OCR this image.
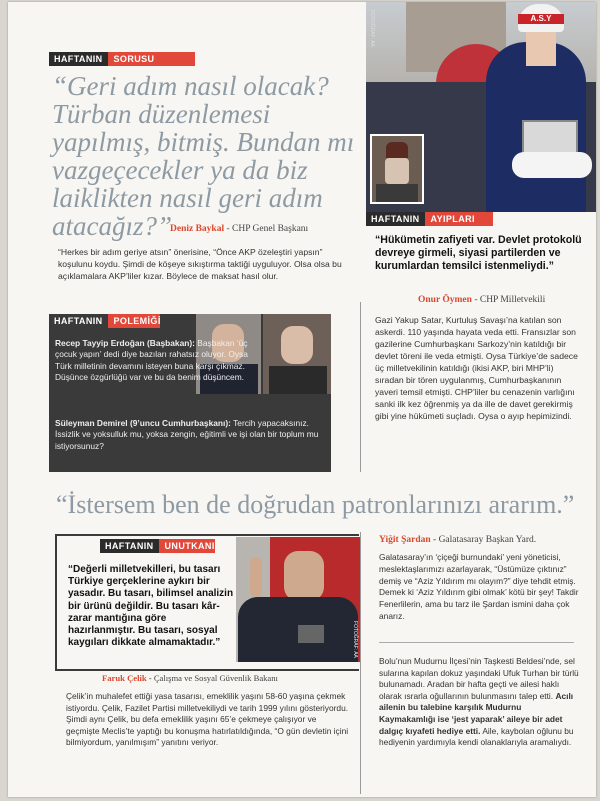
HAFTANIN	SORUSU
“Geri adım nasıl olacak? Türban düzenlemesi yapılmış, bitmiş. Bundan mı vazgeçecekler ya da biz laiklikten nasıl geri adım atacağız?”
Deniz Baykal - CHP Genel Başkanı
“Herkes bir adım geriye atsın” önerisine, “Önce AKP özeleştiri yapsın” koşulunu koydu. Şimdi de köşeye sıkıştırma taktiği uyguluyor. Olsa olsa bu açıklamalara AKP’liler kızar. Böylece de maksat hasıl olur.
A.S.Y
FOTOĞRAF: AA
HAFTANIN	AYIPLARI
“Hükümetin zafiyeti var. Devlet protokolü devreye girmeli, siyasi partilerden ve kurumlardan temsilci istenmeliydi.”
Onur Öymen - CHP Milletvekili
Gazi Yakup Satar, Kurtuluş Savaşı’na katılan son askerdi. 110 yaşında hayata veda etti. Fransızlar son gazilerine Cumhurbaşkanı Sarkozy’nin katıldığı bir devlet töreni ile veda etmişti. Oysa Türkiye’de sadece üç milletvekilinin katıldığı (ikisi AKP, biri MHP’li) sıradan bir tören uygulanmış, Cumhurbaşkanının yaveri temsil etmişti. CHP’liler bu cenazenin varlığını sanki ilk kez öğrenmiş ya da ille de davet gerekirmiş gibi yine hükümeti suçladı. Oysa o ayıp hepimizindi.
HAFTANIN	POLEMİĞİ
Recep Tayyip Erdoğan (Başbakan): Başbakan ‘üç çocuk yapın’ dedi diye bazıları rahatsız oluyor. Oysa Türk milletinin devamını isteyen buna karşı çıkmaz. Düşünce özgürlüğü var ve bu da benim düşüncem.
Süleyman Demirel (9’uncu Cumhurbaşkanı): Tercih yapacaksınız. İssizlik ve yoksulluk mu, yoksa zengin, eğitimli ve işi olan bir toplum mu istiyorsunuz?
“İstersem ben de doğrudan patronlarınızı ararım.”
HAFTANIN	UNUTKANI
FOTOĞRAF: AA
“Değerli milletvekilleri, bu tasarı Türkiye gerçeklerine aykırı bir yasadır. Bu tasarı, bilimsel analizin bir ürünü değildir. Bu tasarı kâr-zarar mantığına göre hazırlanmıştır. Bu tasarı, sosyal kaygıları dikkate almamaktadır.”
Faruk Çelik - Çalışma ve Sosyal Güvenlik Bakanı
Çelik’in muhalefet ettiği yasa tasarısı, emeklilik yaşını 58-60 yaşına çekmek istiyordu. Çelik, Fazilet Partisi milletvekiliydi ve tarih 1999 yılını gösteriyordu. Şimdi aynı Çelik, bu defa emeklilik yaşını 65’e çekmeye çalışıyor ve geçmişte Meclis’te yaptığı bu konuşma hatırlatıldığında, “O gün devletin içini bilmiyordum, yanılmışım” yanıtını veriyor.
Yiğit Şardan - Galatasaray Başkan Yard.
Galatasaray’ın ‘çiçeği burnundaki’ yeni yöneticisi, meslektaşlarımızı azarlayarak, “Üstümüze çıktınız” demiş ve “Aziz Yıldırım mı olayım?” diye tehdit etmiş. Demek ki ‘Aziz Yıldırım gibi olmak’ kötü bir şey! Takdir Fenerlilerin, ama bu tarz ile Şardan ismini daha çok anarız.
Bolu’nun Mudurnu İlçesi’nin Taşkesti Beldesi’nde, sel sularına kapılan dokuz yaşındaki Ufuk Turhan bir türlü bulunamadı. Aradan bir hafta geçti ve ailesi haklı olarak ısrarla oğullarının bulunmasını talep etti. Acılı ailenin bu talebine karşılık Mudurnu Kaymakamlığı ise ‘jest yaparak’ aileye bir adet dalgıç kıyafeti hediye etti. Aile, kaybolan oğlunu bu hediyenin yardımıyla kendi olanaklarıyla aramalıydı.
